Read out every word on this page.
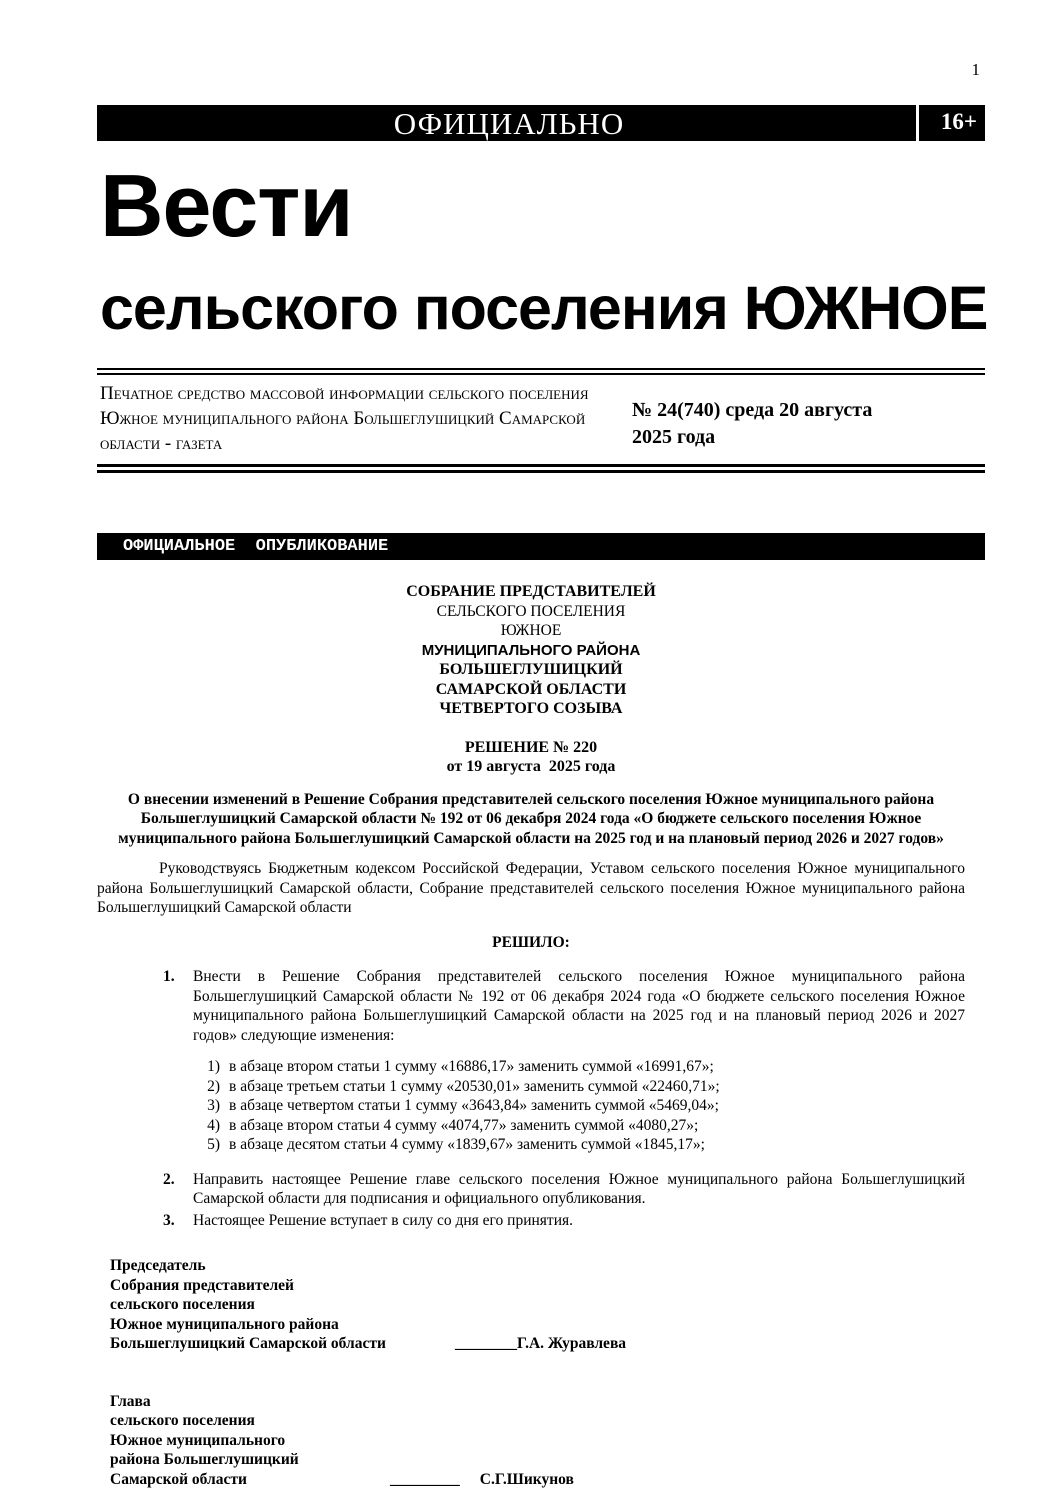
1
ОФИЦИАЛЬНО	16+
Вести
сельского поселения ЮЖНОЕ
Печатное средство массовой информации сельского поселения Южное муниципального района Большеглушицкий Самарской области - газета
№ 24(740) среда 20 августа
2025 года
ОФИЦИАЛЬНОЕ  ОПУБЛИКОВАНИЕ
СОБРАНИЕ ПРЕДСТАВИТЕЛЕЙ
СЕЛЬСКОГО ПОСЕЛЕНИЯ
ЮЖНОЕ
МУНИЦИПАЛЬНОГО РАЙОНА
БОЛЬШЕГЛУШИЦКИЙ
САМАРСКОЙ ОБЛАСТИ
ЧЕТВЕРТОГО СОЗЫВА
РЕШЕНИЕ № 220
от 19 августа  2025 года
О внесении изменений в Решение Собрания представителей сельского поселения Южное муниципального района Большеглушицкий Самарской области № 192 от 06 декабря 2024 года «О бюджете сельского поселения Южное муниципального района Большеглушицкий Самарской области на 2025 год и на плановый период 2026 и 2027 годов»
Руководствуясь Бюджетным кодексом Российской Федерации, Уставом сельского поселения Южное муниципального района Большеглушицкий Самарской области, Собрание представителей сельского поселения Южное муниципального района Большеглушицкий Самарской области
РЕШИЛО:
1.	Внести в Решение Собрания представителей сельского поселения Южное муниципального района Большеглушицкий Самарской области № 192 от 06 декабря 2024 года «О бюджете сельского поселения Южное муниципального района Большеглушицкий Самарской области на 2025 год и на плановый период 2026 и 2027 годов» следующие изменения:
1) в абзаце втором статьи 1 сумму «16886,17» заменить суммой «16991,67»;
2) в абзаце третьем статьи 1 сумму «20530,01» заменить суммой «22460,71»;
3) в абзаце четвертом статьи 1 сумму «3643,84» заменить суммой «5469,04»;
4) в абзаце втором статьи 4 сумму «4074,77» заменить суммой «4080,27»;
5) в абзаце десятом статьи 4 сумму «1839,67» заменить суммой «1845,17»;
2.	Направить настоящее Решение главе сельского поселения Южное муниципального района Большеглушицкий Самарской области для подписания и официального опубликования.
3.	Настоящее Решение вступает в силу со дня его принятия.
Председатель
Собрания представителей
сельского поселения
Южное муниципального района
Большеглушицкий Самарской области	________Г.А. Журавлева
Глава
сельского поселения
Южное муниципального
района Большеглушицкий
Самарской области	_________ С.Г.Шикунов
